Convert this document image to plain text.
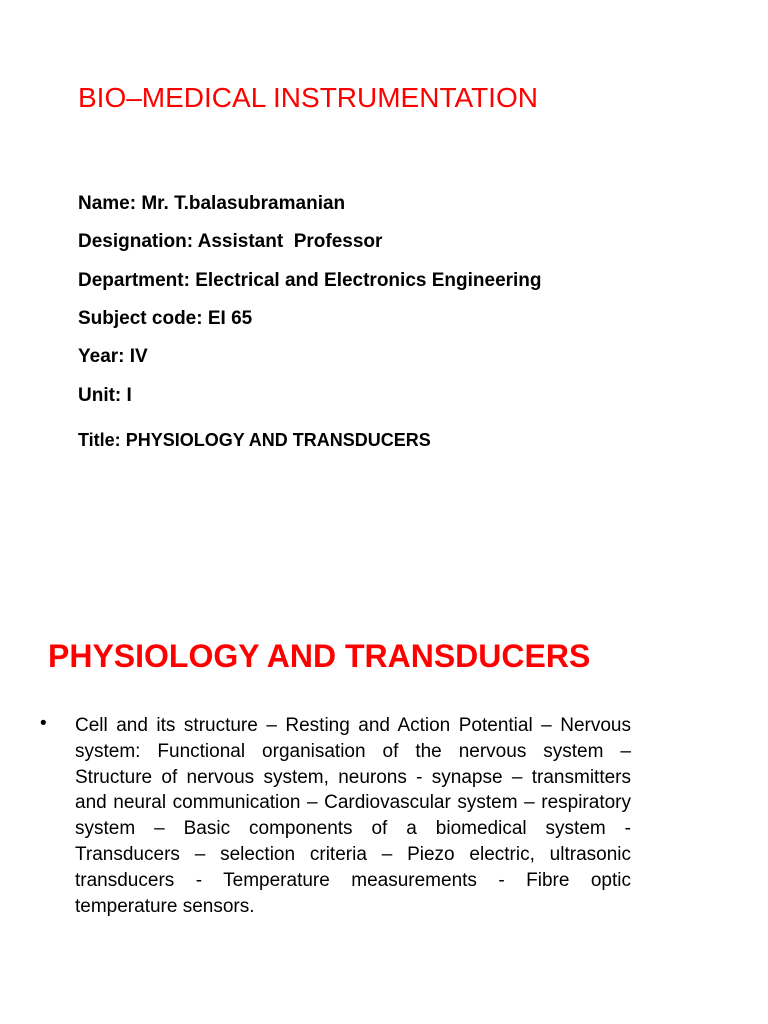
BIO–MEDICAL INSTRUMENTATION
Name: Mr. T.balasubramanian
Designation: Assistant  Professor
Department: Electrical and Electronics Engineering
Subject code: EI 65
Year: IV
Unit: I
Title: PHYSIOLOGY AND TRANSDUCERS
PHYSIOLOGY AND TRANSDUCERS
• Cell and its structure – Resting and Action Potential – Nervous system: Functional organisation of the nervous system – Structure of nervous system, neurons - synapse – transmitters and neural communication – Cardiovascular system – respiratory system – Basic components of a biomedical system - Transducers – selection criteria – Piezo electric, ultrasonic transducers - Temperature measurements - Fibre optic temperature sensors.
